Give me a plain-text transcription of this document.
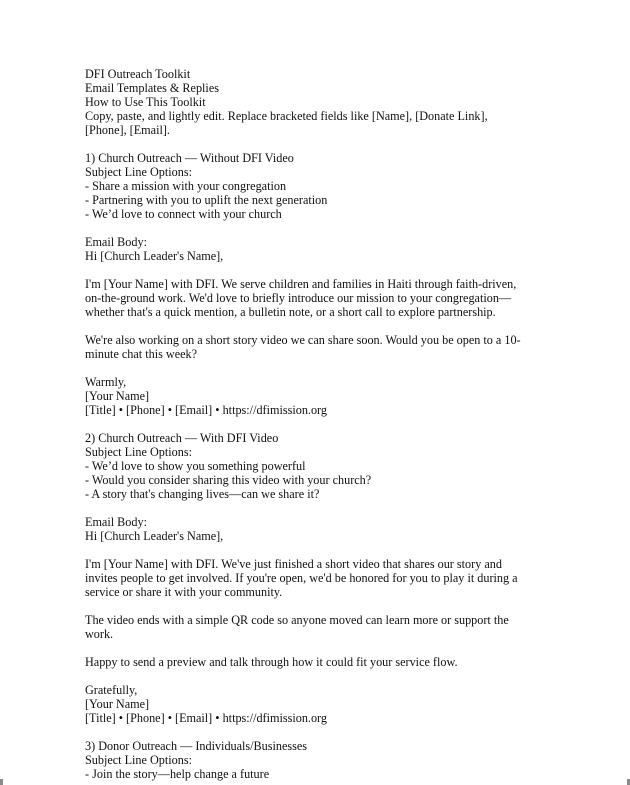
DFI Outreach Toolkit
Email Templates & Replies
How to Use This Toolkit
Copy, paste, and lightly edit. Replace bracketed fields like [Name], [Donate Link],
[Phone], [Email].
1) Church Outreach — Without DFI Video
Subject Line Options:
- Share a mission with your congregation
- Partnering with you to uplift the next generation
- We’d love to connect with your church
Email Body:
Hi [Church Leader's Name],
I'm [Your Name] with DFI. We serve children and families in Haiti through faith-driven,
on-the-ground work. We'd love to briefly introduce our mission to your congregation—
whether that's a quick mention, a bulletin note, or a short call to explore partnership.
We're also working on a short story video we can share soon. Would you be open to a 10-
minute chat this week?
Warmly,
[Your Name]
[Title] • [Phone] • [Email] • https://dfimission.org
2) Church Outreach — With DFI Video
Subject Line Options:
- We’d love to show you something powerful
- Would you consider sharing this video with your church?
- A story that's changing lives—can we share it?
Email Body:
Hi [Church Leader's Name],
I'm [Your Name] with DFI. We've just finished a short video that shares our story and
invites people to get involved. If you're open, we'd be honored for you to play it during a
service or share it with your community.
The video ends with a simple QR code so anyone moved can learn more or support the
work.
Happy to send a preview and talk through how it could fit your service flow.
Gratefully,
[Your Name]
[Title] • [Phone] • [Email] • https://dfimission.org
3) Donor Outreach — Individuals/Businesses
Subject Line Options:
- Join the story—help change a future
